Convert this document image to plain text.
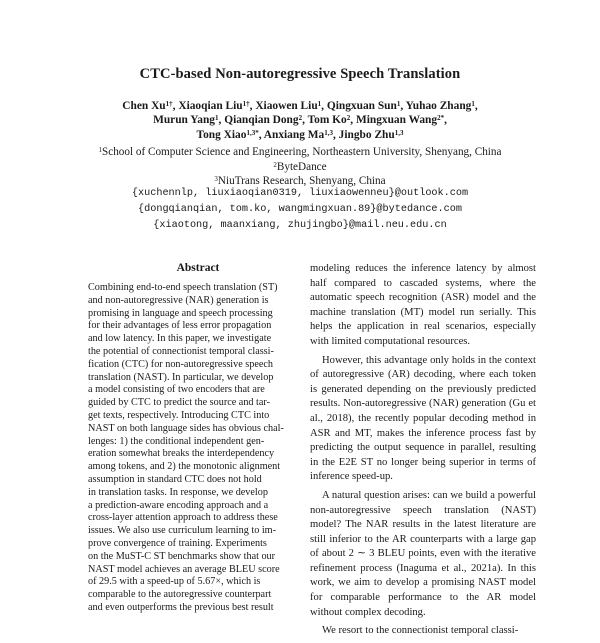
CTC-based Non-autoregressive Speech Translation
Chen $Xu^{1\dagger}$, Xiaoqian Liu$^{1\dagger}$, Xiaowen Liu$^1$, Qingxuan Sun$^1$, Yuhao Zhang$^1$,
Murun Yang$^1$, Qianqian Dong$^2$, Tom Ko$^2$, Mingxuan Wang$^{2*}$,
Tong Xiao$^{1,3*}$, Anxiang Ma$^{1,3}$, Jingbo Zhu$^{1,3}$
$^1$School of Computer Science and Engineering, Northeastern University, Shenyang, China
$^2$ByteDance
$^3$NiuTrans Research, Shenyang, China
{xuchennlp, liuxiaoqian0319, liuxiaowenneu}@outlook.com
{dongqianqian, tom.ko, wangmingxuan.89}@bytedance.com
{xiaotong, maanxiang, zhujingbo}@mail.neu.edu.cn
Abstract
Combining end-to-end speech translation (ST)
and non-autoregressive (NAR) generation is
promising in language and speech processing
for their advantages of less error propagation
and low latency. In this paper, we investigate
the potential of connectionist temporal classi-
fication (CTC) for non-autoregressive speech
translation (NAST). In particular, we develop
a model consisting of two encoders that are
guided by CTC to predict the source and tar-
get texts, respectively. Introducing CTC into
NAST on both language sides has obvious chal-
lenges: 1) the conditional independent gen-
eration somewhat breaks the interdependency
among tokens, and 2) the monotonic alignment
assumption in standard CTC does not hold
in translation tasks. In response, we develop
a prediction-aware encoding approach and a
cross-layer attention approach to address these
issues. We also use curriculum learning to im-
prove convergence of training. Experiments
on the MuST-C ST benchmarks show that our
NAST model achieves an average BLEU score
of 29.5 with a speed-up of 5.67×, which is
comparable to the autoregressive counterpart
and even outperforms the previous best result

modeling reduces the inference latency by almost half compared to cascaded systems, where the automatic speech recognition (ASR) model and the machine translation (MT) model run serially. This helps the application in real scenarios, especially with limited computational resources.

However, this advantage only holds in the context of autoregressive (AR) decoding, where each token is generated depending on the previously predicted results. Non-autoregressive (NAR) generation (Gu et al., 2018), the recently popular decoding method in ASR and MT, makes the inference process fast by predicting the output sequence in parallel, resulting in the E2E ST no longer being superior in terms of inference speed-up.

A natural question arises: can we build a powerful non-autoregressive speech translation (NAST) model? The NAR results in the latest literature are still inferior to the AR counterparts with a large gap of about 2 ∼ 3 BLEU points, even with the iterative refinement process (Inaguma et al., 2021a). In this work, we aim to develop a promising NAST model for comparable performance to the AR model without complex decoding.

We resort to the connectionist temporal classi-
